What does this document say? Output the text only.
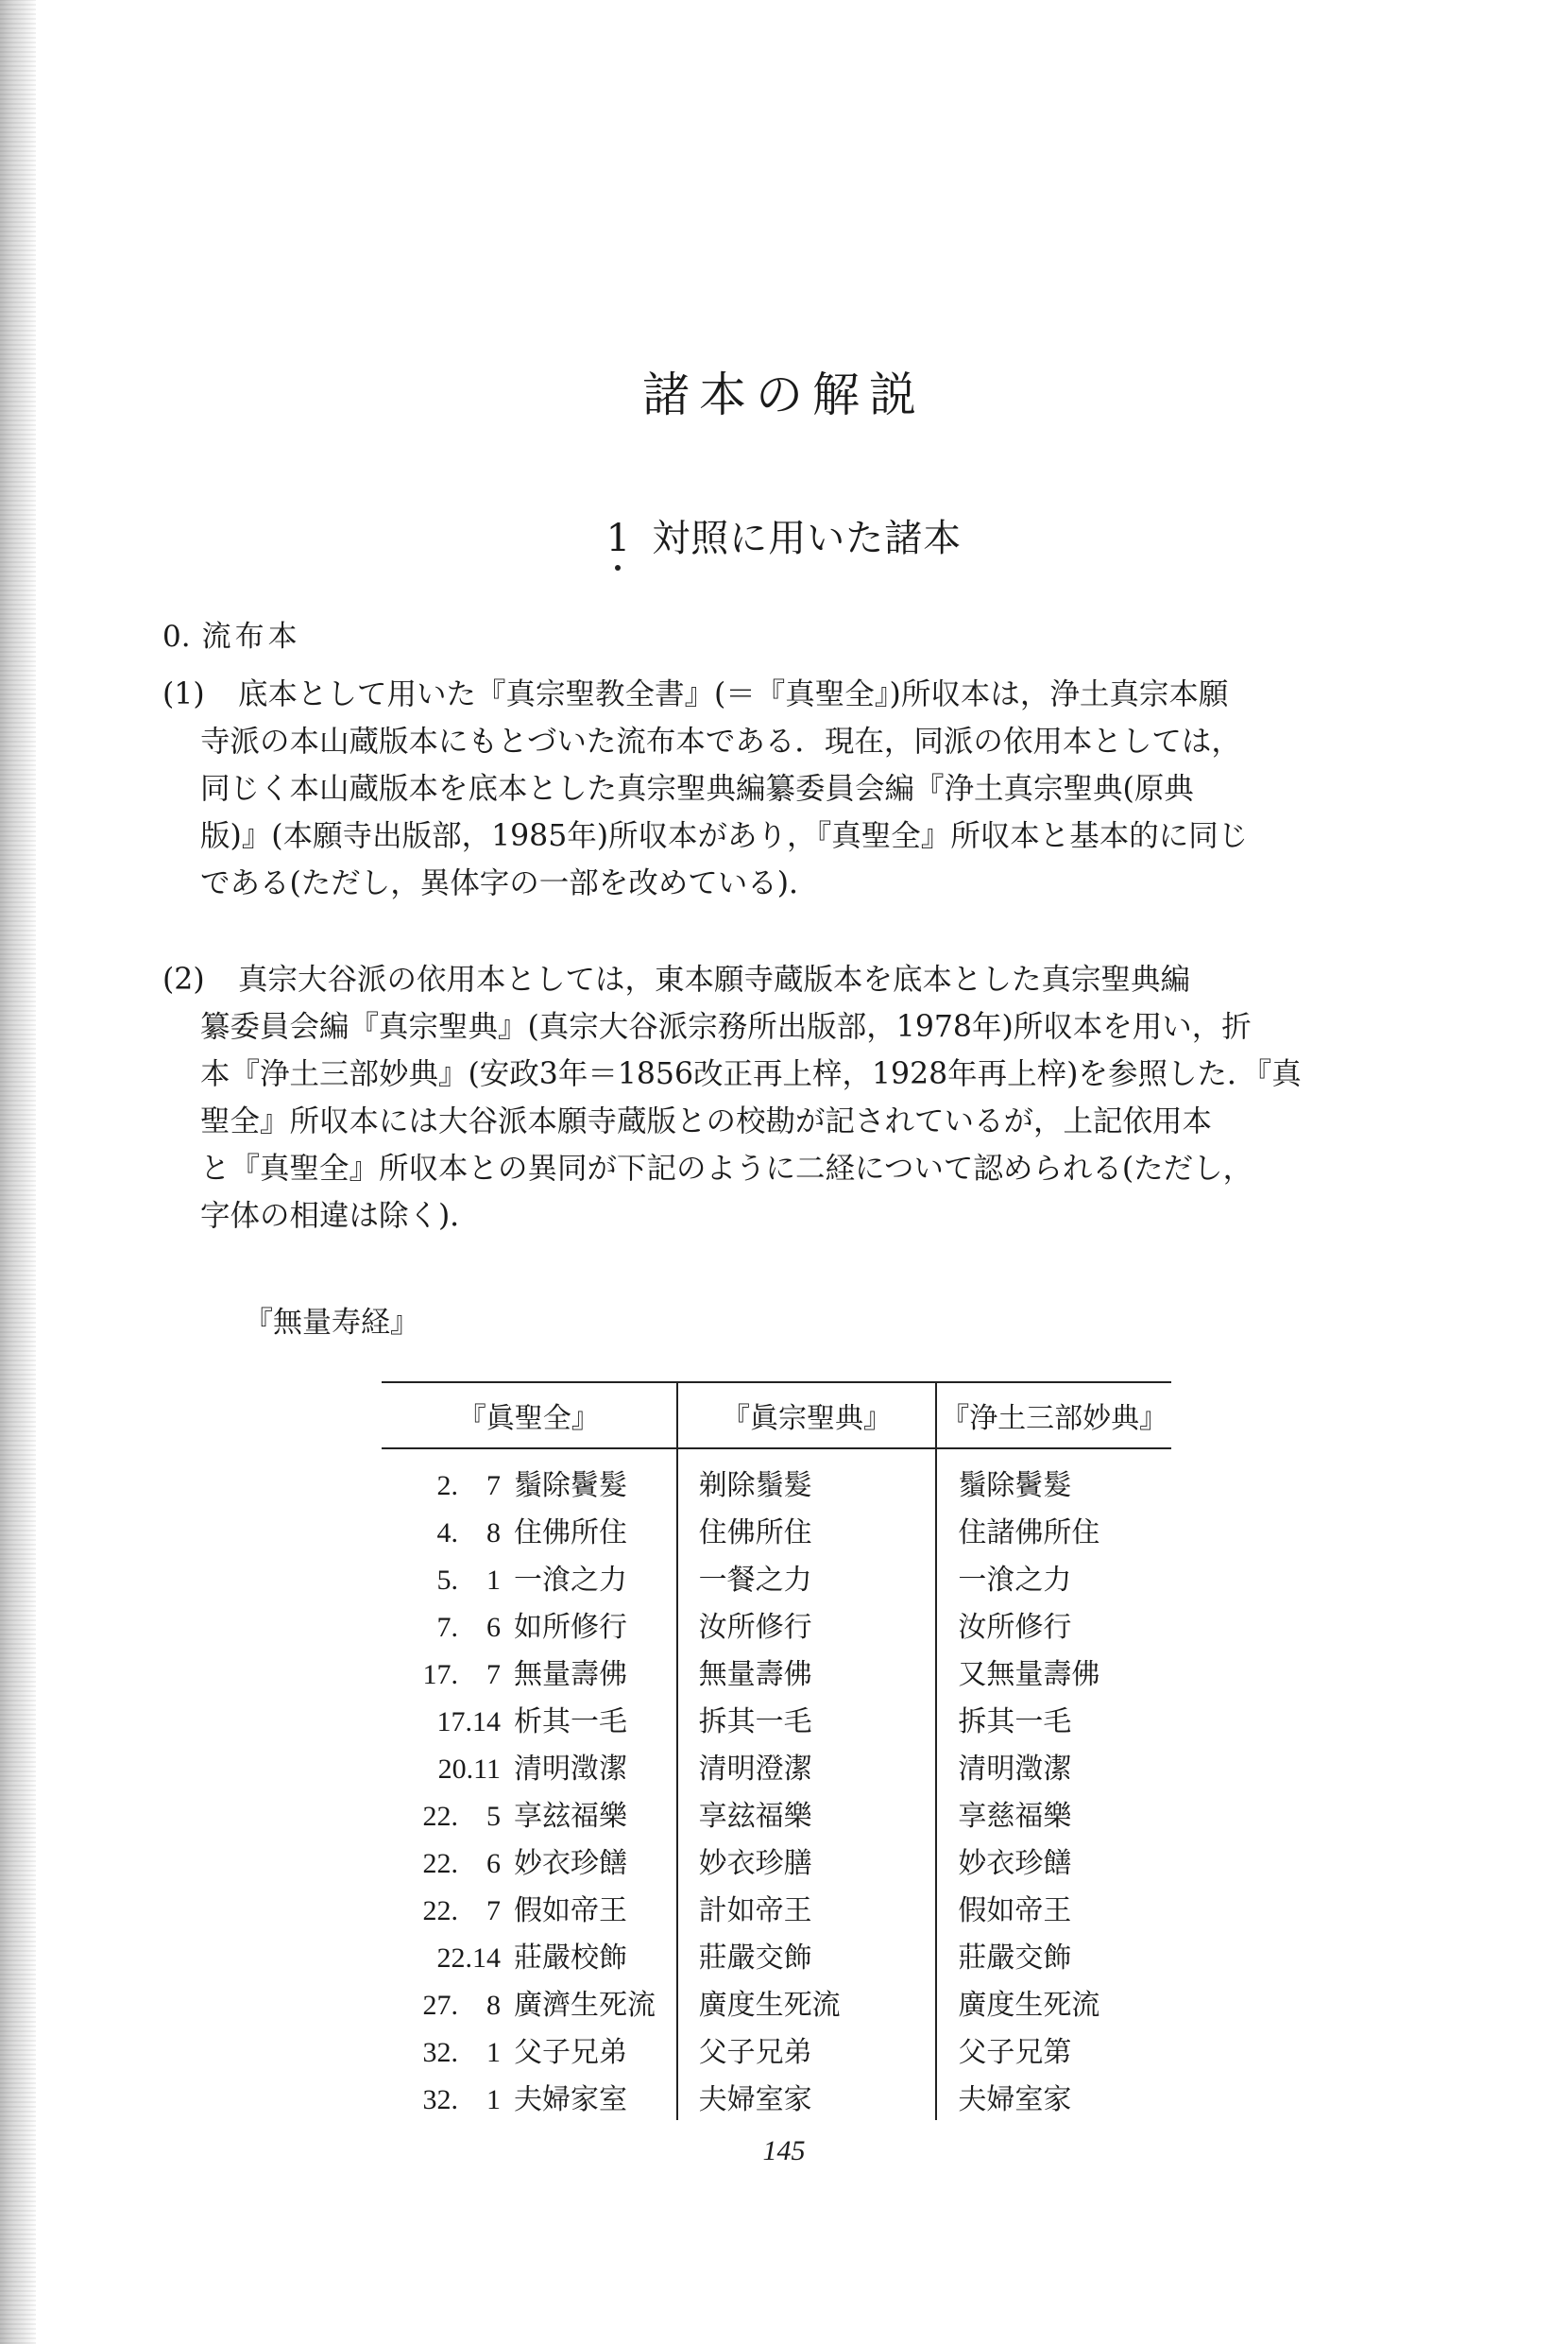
諸本の解説
1 対照に用いた諸本
0. 流布本

(1) 底本として用いた『真宗聖教全書』(＝『真聖全』)所収本は，浄土真宗本願
寺派の本山蔵版本にもとづいた流布本である．現在，同派の依用本としては，
同じく本山蔵版本を底本とした真宗聖典編纂委員会編『浄土真宗聖典(原典
版)』(本願寺出版部，1985年)所収本があり，『真聖全』所収本と基本的に同じ
である(ただし，異体字の一部を改めている)．

(2) 真宗大谷派の依用本としては，東本願寺蔵版本を底本とした真宗聖典編
纂委員会編『真宗聖典』(真宗大谷派宗務所出版部，1978年)所収本を用い，折
本『浄土三部妙典』(安政3年＝1856改正再上梓，1928年再上梓)を参照した．『真
聖全』所収本には大谷派本願寺蔵版との校勘が記されているが，上記依用本
と『真聖全』所収本との異同が下記のように二経について認められる(ただし，
字体の相違は除く)．

『無量寿経』

『眞聖全』	『眞宗聖典』	『浄土三部妙典』
2.　7 鬚除鬢髮	剃除鬚髮	鬚除鬢髮
4.　8 住佛所住	住佛所住	住諸佛所住
5.　1 一湌之力	一餐之力	一湌之力
7.　6 如所修行	汝所修行	汝所修行
17.　7 無量壽佛	無量壽佛	又無量壽佛
17.14 析其一毛	拆其一毛	拆其一毛
20.11 清明澂潔	清明澄潔	清明澂潔
22.　5 享玆福樂	享玆福樂	享慈福樂
22.　6 妙衣珍饍	妙衣珍膳	妙衣珍饍
22.　7 假如帝王	計如帝王	假如帝王
22.14 莊嚴校飾	莊嚴交飾	莊嚴交飾
27.　8 廣濟生死流	廣度生死流	廣度生死流
32.　1 父子兄弟	父子兄弟	父子兄第
32.　1 夫婦家室	夫婦室家	夫婦室家

145
